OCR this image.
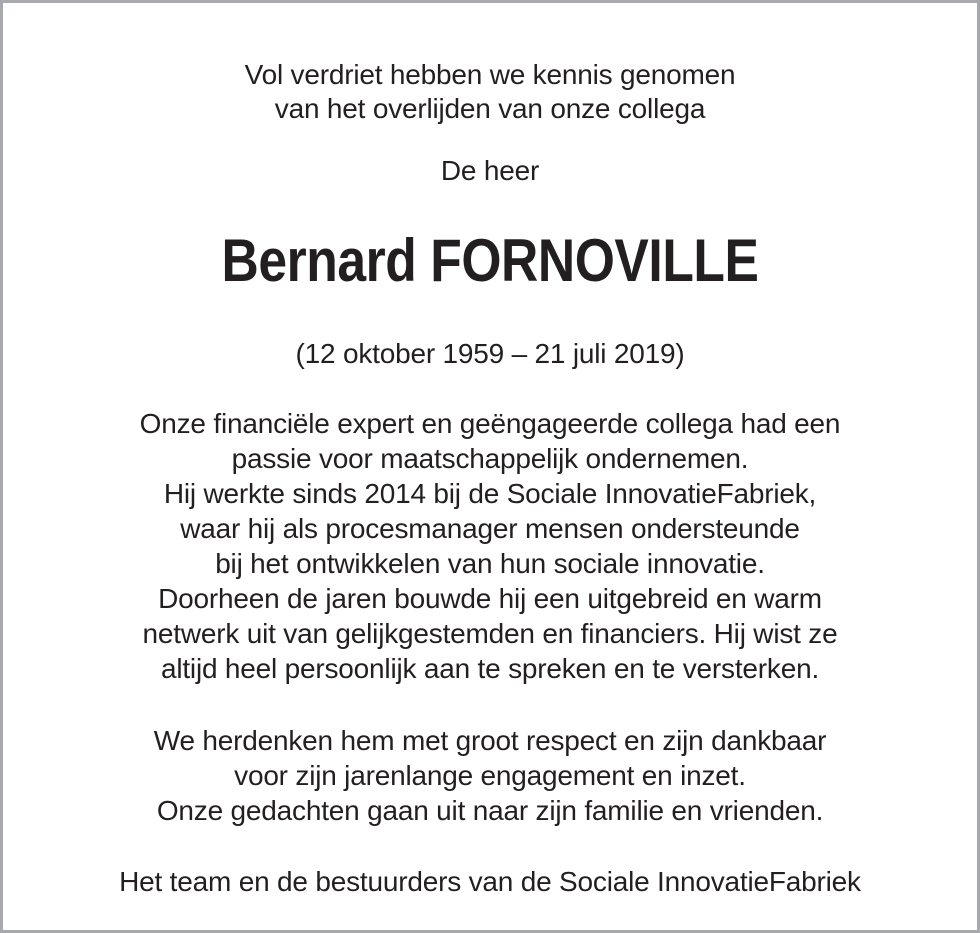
Vol verdriet hebben we kennis genomen
van het overlijden van onze collega
De heer
Bernard FORNOVILLE
(12 oktober 1959 – 21 juli 2019)
Onze financiële expert en geëngageerde collega had een
passie voor maatschappelijk ondernemen.
Hij werkte sinds 2014 bij de Sociale InnovatieFabriek,
waar hij als procesmanager mensen ondersteunde
bij het ontwikkelen van hun sociale innovatie.
Doorheen de jaren bouwde hij een uitgebreid en warm
netwerk uit van gelijkgestemden en financiers. Hij wist ze
altijd heel persoonlijk aan te spreken en te versterken.
We herdenken hem met groot respect en zijn dankbaar
voor zijn jarenlange engagement en inzet.
Onze gedachten gaan uit naar zijn familie en vrienden.
Het team en de bestuurders van de Sociale InnovatieFabriek
